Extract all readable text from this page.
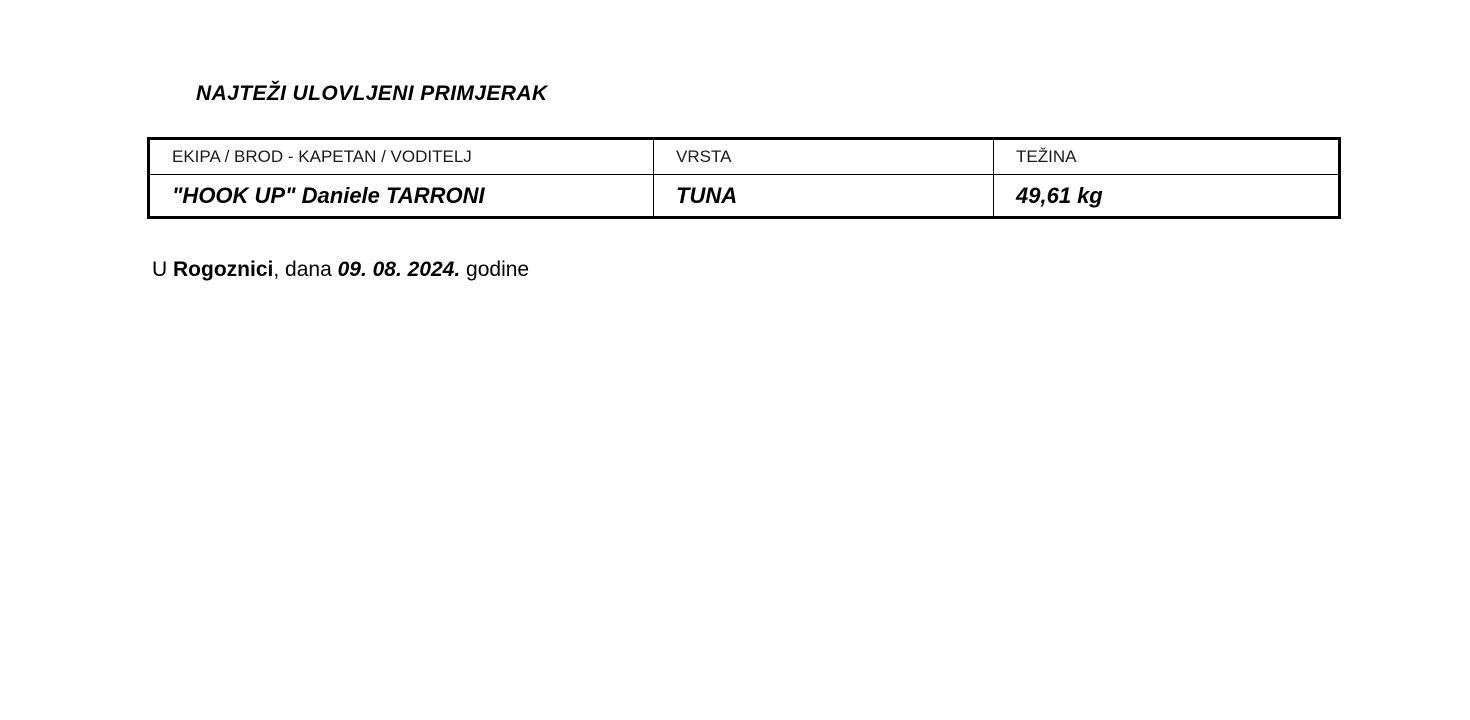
NAJTEŽI ULOVLJENI PRIMJERAK
EKIPA / BROD - KAPETAN / VODITELJ	VRSTA	TEŽINA
"HOOK UP" Daniele TARRONI	TUNA	49,61 kg
U Rogoznici, dana 09. 08. 2024. godine
